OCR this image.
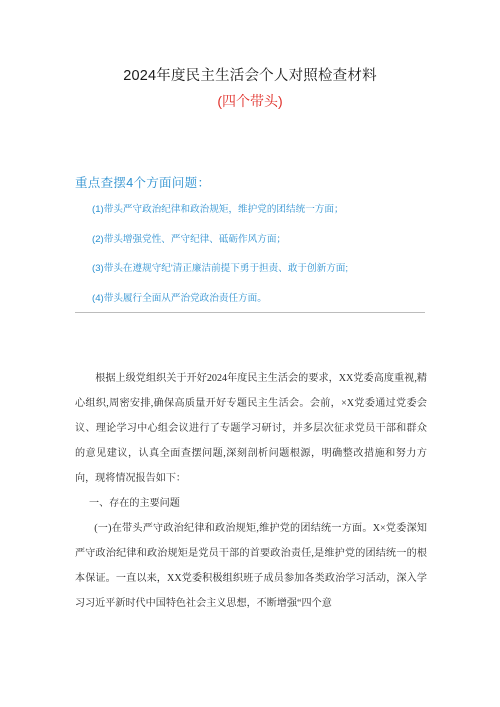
2024年度民主生活会个人对照检查材料
(四个带头)
重点查摆4个方面问题：
(1)带头严守政治纪律和政治规矩，维护党的团结统一方面；
(2)带头增强党性、严守纪律、砥砺作风方面；
(3)带头在遵规守纪'清正廉洁前提下勇于担责、敢于创新方面;
(4)带头履行全面从严治党政治责任方面。

根据上级党组织关于开好2024年度民主生活会的要求，XX党委高度重视,精心组织,周密安排,确保高质量开好专题民主生活会。会前，×X党委通过党委会议、理论学习中心组会议进行了专题学习研讨，并多层次征求党员干部和群众的意见建议，认真全面查摆问题,深刻剖析问题根源，明确整改措施和努力方向，现将情况报告如下：

一、存在的主要问题

(一)在带头严守政治纪律和政治规矩,维护党的团结统一方面。X×党委深知严守政治纪律和政治规矩是党员干部的首要政治责任,是维护党的团结统一的根本保证。一直以来，XX党委积极组织班子成员参加各类政治学习活动，深入学习习近平新时代中国特色社会主义思想，不断增强“四个意
